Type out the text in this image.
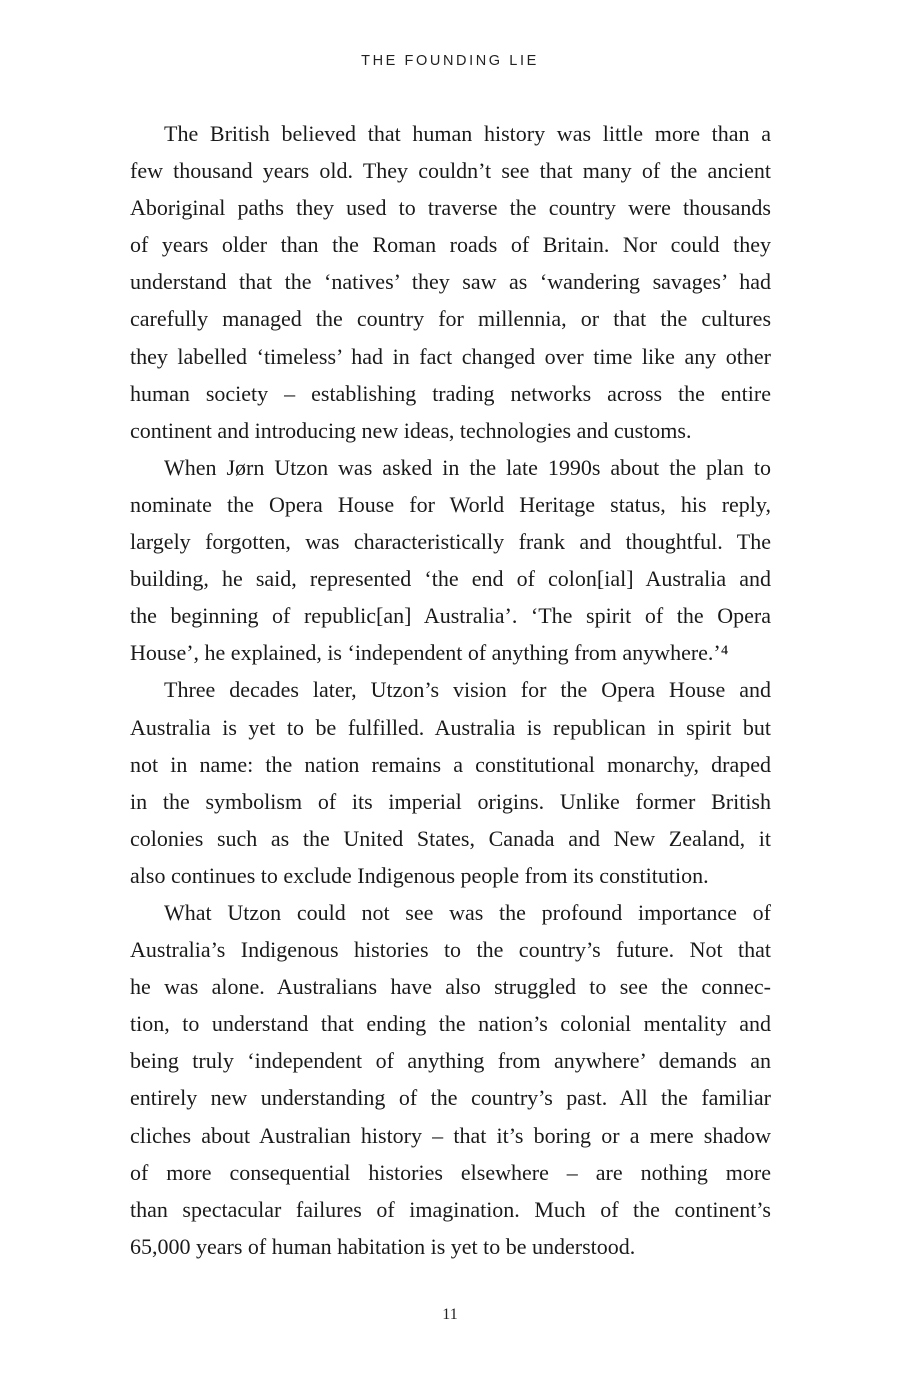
THE FOUNDING LIE
The British believed that human history was little more than a
few thousand years old. They couldn’t see that many of the ancient
Aboriginal paths they used to traverse the country were thousands
of years older than the Roman roads of Britain. Nor could they
understand that the ‘natives’ they saw as ‘wandering savages’ had
carefully managed the country for millennia, or that the cultures
they labelled ‘timeless’ had in fact changed over time like any other
human society – establishing trading networks across the entire
continent and introducing new ideas, technologies and customs.
When Jørn Utzon was asked in the late 1990s about the plan to
nominate the Opera House for World Heritage status, his reply,
largely forgotten, was characteristically frank and thoughtful. The
building, he said, represented ‘the end of colon[ial] Australia and
the beginning of republic[an] Australia’. ‘The spirit of the Opera
House’, he explained, is ‘independent of anything from anywhere.’⁴
Three decades later, Utzon’s vision for the Opera House and
Australia is yet to be fulfilled. Australia is republican in spirit but
not in name: the nation remains a constitutional monarchy, draped
in the symbolism of its imperial origins. Unlike former British
colonies such as the United States, Canada and New Zealand, it
also continues to exclude Indigenous people from its constitution.
What Utzon could not see was the profound importance of
Australia’s Indigenous histories to the country’s future. Not that
he was alone. Australians have also struggled to see the connec-
tion, to understand that ending the nation’s colonial mentality and
being truly ‘independent of anything from anywhere’ demands an
entirely new understanding of the country’s past. All the familiar
cliches about Australian history – that it’s boring or a mere shadow
of more consequential histories elsewhere – are nothing more
than spectacular failures of imagination. Much of the continent’s
65,000 years of human habitation is yet to be understood.
11
